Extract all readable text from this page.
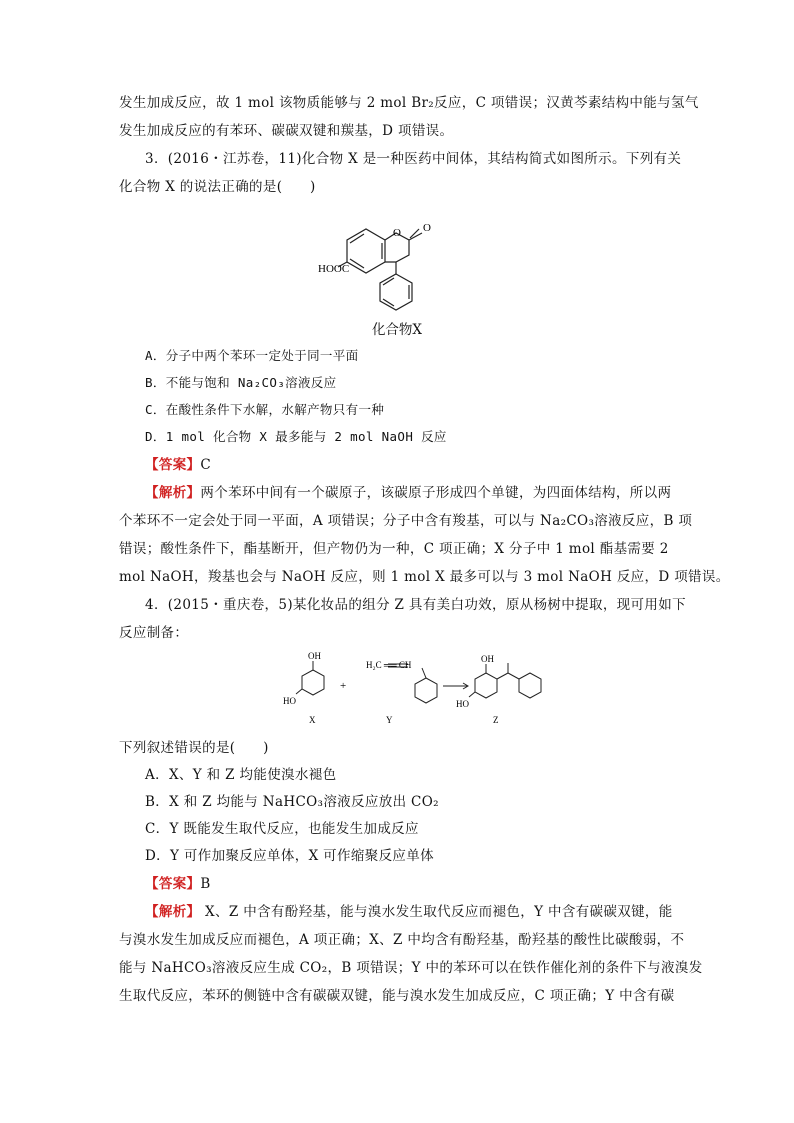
发生加成反应，故 1 mol 该物质能够与 2 mol Br₂反应，C 项错误；汉黄芩素结构中能与氢气
发生加成反应的有苯环、碳碳双键和羰基，D 项错误。
3．(2016・江苏卷，11)化合物 X 是一种医药中间体，其结构简式如图所示。下列有关
化合物 X 的说法正确的是(　　)
O O
HOOC
化合物X
A．分子中两个苯环一定处于同一平面
B．不能与饱和 Na₂CO₃溶液反应
C．在酸性条件下水解，水解产物只有一种
D．1 mol 化合物 X 最多能与 2 mol NaOH 反应
【答案】C
【解析】两个苯环中间有一个碳原子，该碳原子形成四个单键，为四面体结构，所以两
个苯环不一定会处于同一平面，A 项错误；分子中含有羧基，可以与 Na₂CO₃溶液反应，B 项
错误；酸性条件下，酯基断开，但产物仍为一种，C 项正确；X 分子中 1 mol 酯基需要 2
mol NaOH，羧基也会与 NaOH 反应，则 1 mol X 最多可以与 3 mol NaOH 反应，D 项错误。
4．(2015・重庆卷，5)某化妆品的组分 Z 具有美白功效，原从杨树中提取，现可用如下
反应制备：
OH
HO
X
+
H₂C ══ CH
Y
OH
HO
Z
下列叙述错误的是(　　)
A．X、Y 和 Z 均能使溴水褪色
B．X 和 Z 均能与 NaHCO₃溶液反应放出 CO₂
C．Y 既能发生取代反应，也能发生加成反应
D．Y 可作加聚反应单体，X 可作缩聚反应单体
【答案】B
【解析】 X、Z 中含有酚羟基，能与溴水发生取代反应而褪色，Y 中含有碳碳双键，能
与溴水发生加成反应而褪色，A 项正确；X、Z 中均含有酚羟基，酚羟基的酸性比碳酸弱，不
能与 NaHCO₃溶液反应生成 CO₂，B 项错误；Y 中的苯环可以在铁作催化剂的条件下与液溴发
生取代反应，苯环的侧链中含有碳碳双键，能与溴水发生加成反应，C 项正确；Y 中含有碳
